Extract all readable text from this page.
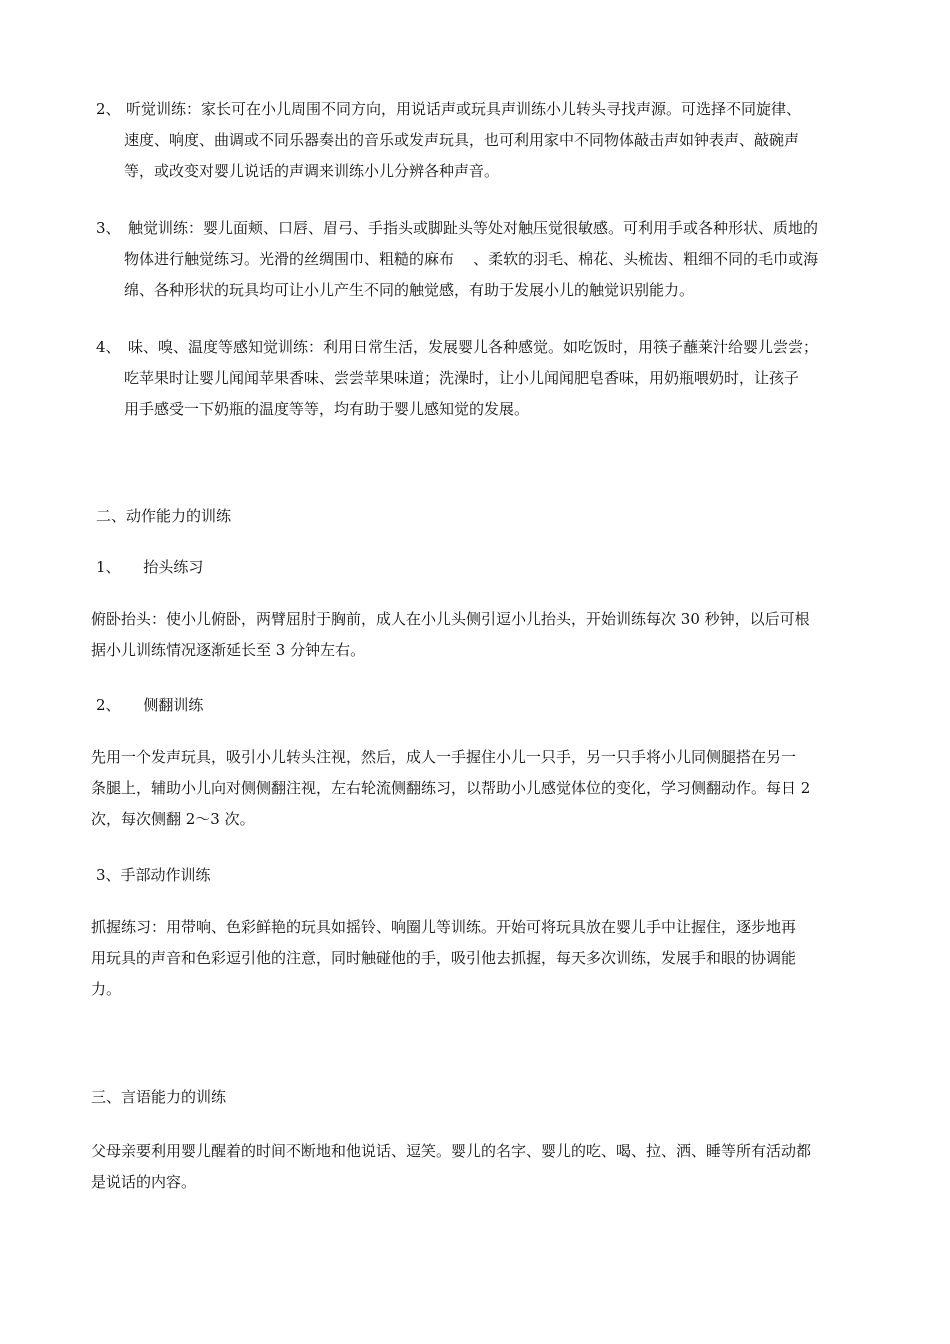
2、 听觉训练：家长可在小儿周围不同方向，用说话声或玩具声训练小儿转头寻找声源。可选择不同旋律、
速度、响度、曲调或不同乐器奏出的音乐或发声玩具，也可利用家中不同物体敲击声如钟表声、敲碗声
等，或改变对婴儿说话的声调来训练小儿分辨各种声音。
3、 触觉训练：婴儿面颊、口唇、眉弓、手指头或脚趾头等处对触压觉很敏感。可利用手或各种形状、质地的
物体进行触觉练习。光滑的丝绸围巾、粗糙的麻布    、柔软的羽毛、棉花、头梳齿、粗细不同的毛巾或海
绵、各种形状的玩具均可让小儿产生不同的触觉感，有助于发展小儿的触觉识别能力。
4、 味、嗅、温度等感知觉训练：利用日常生活，发展婴儿各种感觉。如吃饭时，用筷子蘸莱汁给婴儿尝尝；
吃苹果时让婴儿闻闻苹果香味、尝尝苹果味道；洗澡时，让小儿闻闻肥皂香味，用奶瓶喂奶时，让孩子
用手感受一下奶瓶的温度等等，均有助于婴儿感知觉的发展。
二、动作能力的训练
1、 抬头练习
俯卧抬头：使小儿俯卧，两臂屈肘于胸前，成人在小儿头侧引逗小儿抬头，开始训练每次 30 秒钟，以后可根
据小儿训练情况逐渐延长至 3 分钟左右。
2、 侧翻训练
先用一个发声玩具，吸引小儿转头注视，然后，成人一手握住小儿一只手，另一只手将小儿同侧腿搭在另一
条腿上，辅助小儿向对侧侧翻注视，左右轮流侧翻练习，以帮助小儿感觉体位的变化，学习侧翻动作。每日 2
次，每次侧翻 2～3 次。
3、手部动作训练
抓握练习：用带响、色彩鲜艳的玩具如摇铃、响圈儿等训练。开始可将玩具放在婴儿手中让握住，逐步地再
用玩具的声音和色彩逗引他的注意，同时触碰他的手，吸引他去抓握，每天多次训练，发展手和眼的协调能
力。
三、言语能力的训练
父母亲要利用婴儿醒着的时间不断地和他说话、逗笑。婴儿的名字、婴儿的吃、喝、拉、洒、睡等所有活动都
是说话的内容。
